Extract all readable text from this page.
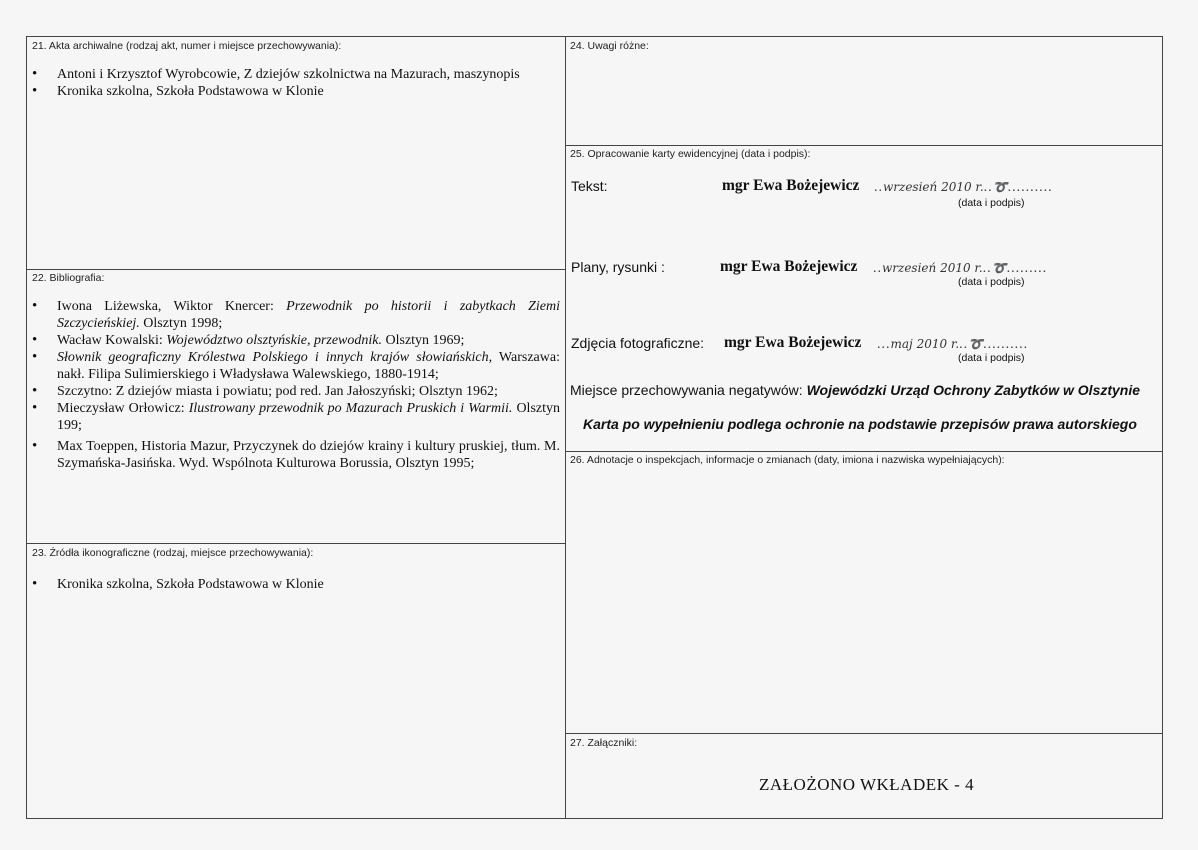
21. Akta archiwalne (rodzaj akt, numer i miejsce przechowywania):
• Antoni i Krzysztof Wyrobcowie, Z dziejów szkolnictwa na Mazurach, maszynopis
• Kronika szkolna, Szkoła Podstawowa w Klonie
22. Bibliografia:
• Iwona Liżewska, Wiktor Knercer: Przewodnik po historii i zabytkach Ziemi Szczycieńskiej. Olsztyn 1998;
• Wacław Kowalski: Województwo olsztyńskie, przewodnik. Olsztyn 1969;
• Słownik geograficzny Królestwa Polskiego i innych krajów słowiańskich, Warszawa: nakł. Filipa Sulimierskiego i Władysława Walewskiego, 1880-1914;
• Szczytno: Z dziejów miasta i powiatu; pod red. Jan Jałoszyński; Olsztyn 1962;
• Mieczysław Orłowicz: Ilustrowany przewodnik po Mazurach Pruskich i Warmii. Olsztyn 199;
• Max Toeppen, Historia Mazur, Przyczynek do dziejów krainy i kultury pruskiej, tłum. M. Szymańska-Jasińska. Wyd. Wspólnota Kulturowa Borussia, Olsztyn 1995;
23. Źródła ikonograficzne (rodzaj, miejsce przechowywania):
• Kronika szkolna, Szkoła Podstawowa w Klonie
24. Uwagi różne:
25. Opracowanie karty ewidencyjnej (data i podpis):
Tekst:	mgr Ewa Bożejewicz ..wrzesień 2010 r...➰..........
(data i podpis)
Plany, rysunki :	mgr Ewa Bożejewicz ..wrzesień 2010 r...➰.........
(data i podpis)
Zdjęcia fotograficzne: mgr Ewa Bożejewicz ...maj 2010 r...➰..........
(data i podpis)
Miejsce przechowywania negatywów: Wojewódzki Urząd Ochrony Zabytków w Olsztynie
Karta po wypełnieniu podlega ochronie na podstawie przepisów prawa autorskiego
26. Adnotacje o inspekcjach, informacje o zmianach (daty, imiona i nazwiska wypełniających):
27. Załączniki:
ZAŁOŻONO WKŁADEK - 4
